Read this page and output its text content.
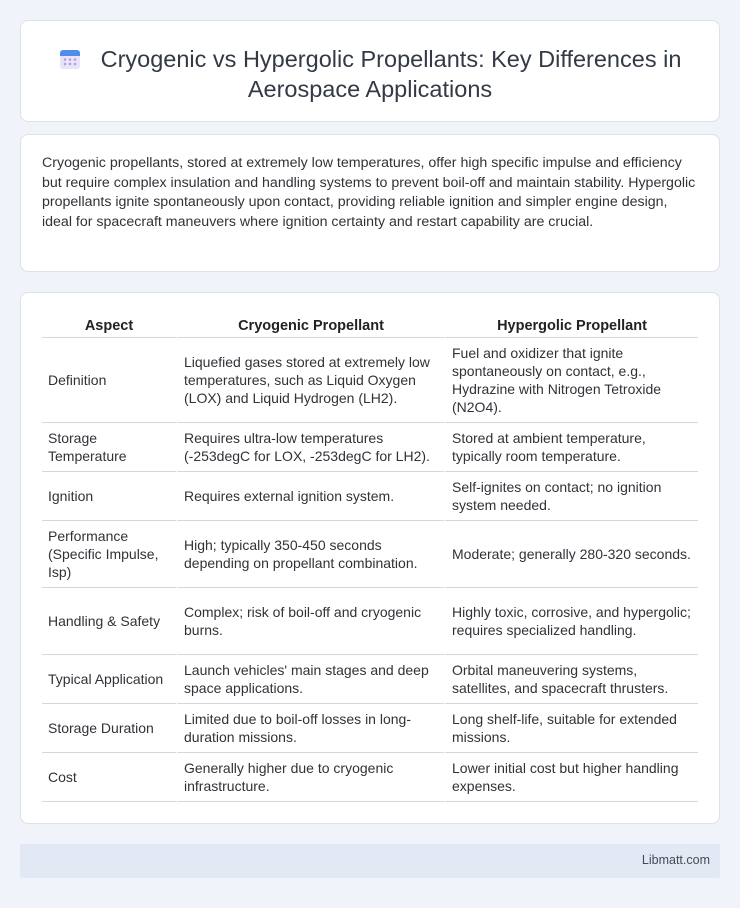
Cryogenic vs Hypergolic Propellants: Key Differences in Aerospace Applications

Cryogenic propellants, stored at extremely low temperatures, offer high specific impulse and efficiency but require complex insulation and handling systems to prevent boil-off and maintain stability. Hypergolic propellants ignite spontaneously upon contact, providing reliable ignition and simpler engine design, ideal for spacecraft maneuvers where ignition certainty and restart capability are crucial.

Aspect	Cryogenic Propellant	Hypergolic Propellant
Definition	Liquefied gases stored at extremely low temperatures, such as Liquid Oxygen (LOX) and Liquid Hydrogen (LH2).	Fuel and oxidizer that ignite spontaneously on contact, e.g., Hydrazine with Nitrogen Tetroxide (N2O4).
Storage Temperature	Requires ultra-low temperatures (-253degC for LOX, -253degC for LH2).	Stored at ambient temperature, typically room temperature.
Ignition	Requires external ignition system.	Self-ignites on contact; no ignition system needed.
Performance (Specific Impulse, Isp)	High; typically 350-450 seconds depending on propellant combination.	Moderate; generally 280-320 seconds.
Handling & Safety	Complex; risk of boil-off and cryogenic burns.	Highly toxic, corrosive, and hypergolic; requires specialized handling.
Typical Application	Launch vehicles' main stages and deep space applications.	Orbital maneuvering systems, satellites, and spacecraft thrusters.
Storage Duration	Limited due to boil-off losses in long-duration missions.	Long shelf-life, suitable for extended missions.
Cost	Generally higher due to cryogenic infrastructure.	Lower initial cost but higher handling expenses.
Libmatt.com
